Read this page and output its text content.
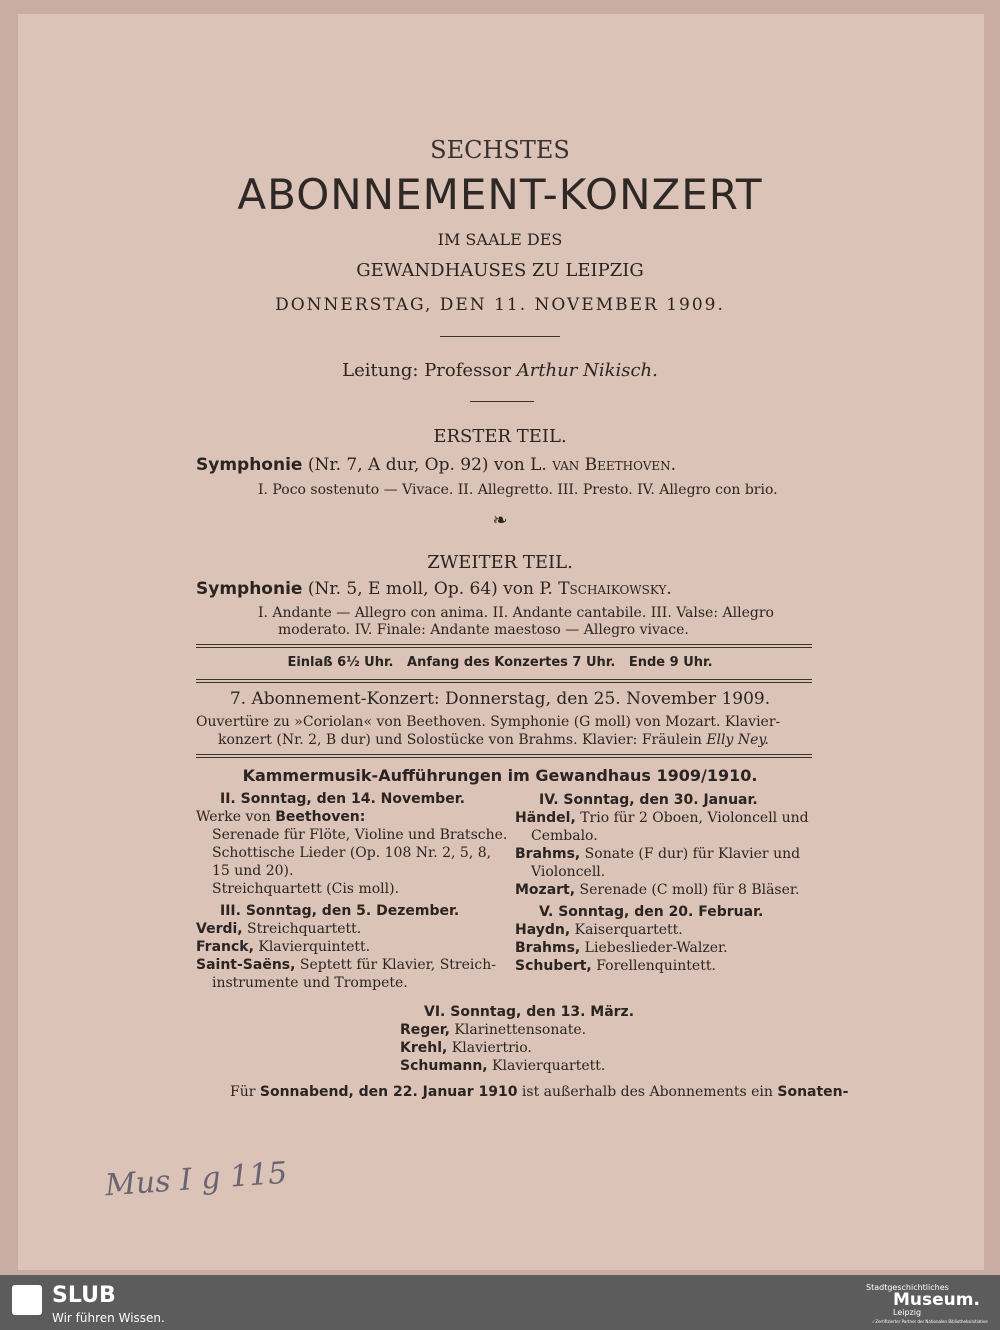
SECHSTES
ABONNEMENT-KONZERT
IM SAALE DES
GEWANDHAUSES ZU LEIPZIG
DONNERSTAG, DEN 11. NOVEMBER 1909.
Leitung: Professor Arthur Nikisch.
ERSTER TEIL.
Symphonie (Nr. 7, A dur, Op. 92) von L. van Beethoven.
I. Poco sostenuto — Vivace. II. Allegretto. III. Presto. IV. Allegro con brio.
❧
ZWEITER TEIL.
Symphonie (Nr. 5, E moll, Op. 64) von P. Tschaikowsky.
I. Andante — Allegro con anima. II. Andante cantabile. III. Valse: Allegro
moderato. IV. Finale: Andante maestoso — Allegro vivace.
Einlaß 6½ Uhr.   Anfang des Konzertes 7 Uhr.   Ende 9 Uhr.
7. Abonnement-Konzert: Donnerstag, den 25. November 1909.
Ouvertüre zu »Coriolan« von Beethoven. Symphonie (G moll) von Mozart. Klavier-
konzert (Nr. 2, B dur) und Solostücke von Brahms. Klavier: Fräulein Elly Ney.
Kammermusik-Aufführungen im Gewandhaus 1909/1910.
II. Sonntag, den 14. November.
Werke von Beethoven:
Serenade für Flöte, Violine und Bratsche.
Schottische Lieder (Op. 108 Nr. 2, 5, 8,
15 und 20).
Streichquartett (Cis moll).
III. Sonntag, den 5. Dezember.
Verdi, Streichquartett.
Franck, Klavierquintett.
Saint-Saëns, Septett für Klavier, Streich-
instrumente und Trompete.
IV. Sonntag, den 30. Januar.
Händel, Trio für 2 Oboen, Violoncell und
Cembalo.
Brahms, Sonate (F dur) für Klavier und
Violoncell.
Mozart, Serenade (C moll) für 8 Bläser.
V. Sonntag, den 20. Februar.
Haydn, Kaiserquartett.
Brahms, Liebeslieder-Walzer.
Schubert, Forellenquintett.
VI. Sonntag, den 13. März.
Reger, Klarinettensonate.
Krehl, Klaviertrio.
Schumann, Klavierquartett.
Für Sonnabend, den 22. Januar 1910 ist außerhalb des Abonnements ein Sonaten-
Mus I g 115
SLUB
Wir führen Wissen.
Stadtgeschichtliches
Museum.
Leipzig
✓Zertifizierter Partner der Nationalen Bibliotheksinitiative
